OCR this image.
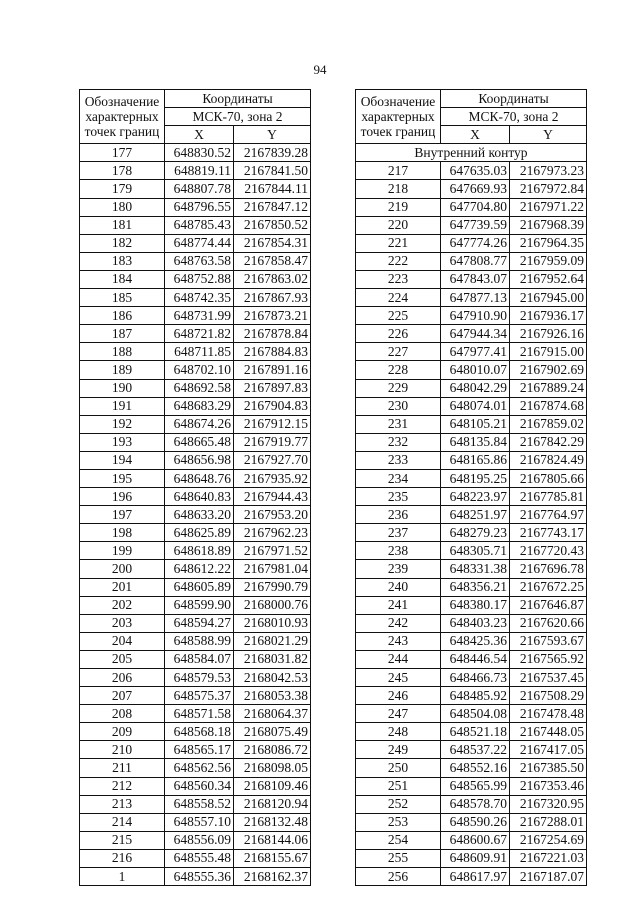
94
Обозначение
характерных
точек границ	Координаты	
	МСК-70, зона 2	
	X	Y
177	648830.52	2167839.28
178	648819.11	2167841.50
179	648807.78	2167844.11
180	648796.55	2167847.12
181	648785.43	2167850.52
182	648774.44	2167854.31
183	648763.58	2167858.47
184	648752.88	2167863.02
185	648742.35	2167867.93
186	648731.99	2167873.21
187	648721.82	2167878.84
188	648711.85	2167884.83
189	648702.10	2167891.16
190	648692.58	2167897.83
191	648683.29	2167904.83
192	648674.26	2167912.15
193	648665.48	2167919.77
194	648656.98	2167927.70
195	648648.76	2167935.92
196	648640.83	2167944.43
197	648633.20	2167953.20
198	648625.89	2167962.23
199	648618.89	2167971.52
200	648612.22	2167981.04
201	648605.89	2167990.79
202	648599.90	2168000.76
203	648594.27	2168010.93
204	648588.99	2168021.29
205	648584.07	2168031.82
206	648579.53	2168042.53
207	648575.37	2168053.38
208	648571.58	2168064.37
209	648568.18	2168075.49
210	648565.17	2168086.72
211	648562.56	2168098.05
212	648560.34	2168109.46
213	648558.52	2168120.94
214	648557.10	2168132.48
215	648556.09	2168144.06
216	648555.48	2168155.67
1	648555.36	2168162.37
Обозначение
характерных
точек границ	Координаты	
	МСК-70, зона 2	
	X	Y
Внутренний контур		
217	647635.03	2167973.23
218	647669.93	2167972.84
219	647704.80	2167971.22
220	647739.59	2167968.39
221	647774.26	2167964.35
222	647808.77	2167959.09
223	647843.07	2167952.64
224	647877.13	2167945.00
225	647910.90	2167936.17
226	647944.34	2167926.16
227	647977.41	2167915.00
228	648010.07	2167902.69
229	648042.29	2167889.24
230	648074.01	2167874.68
231	648105.21	2167859.02
232	648135.84	2167842.29
233	648165.86	2167824.49
234	648195.25	2167805.66
235	648223.97	2167785.81
236	648251.97	2167764.97
237	648279.23	2167743.17
238	648305.71	2167720.43
239	648331.38	2167696.78
240	648356.21	2167672.25
241	648380.17	2167646.87
242	648403.23	2167620.66
243	648425.36	2167593.67
244	648446.54	2167565.92
245	648466.73	2167537.45
246	648485.92	2167508.29
247	648504.08	2167478.48
248	648521.18	2167448.05
249	648537.22	2167417.05
250	648552.16	2167385.50
251	648565.99	2167353.46
252	648578.70	2167320.95
253	648590.26	2167288.01
254	648600.67	2167254.69
255	648609.91	2167221.03
256	648617.97	2167187.07
